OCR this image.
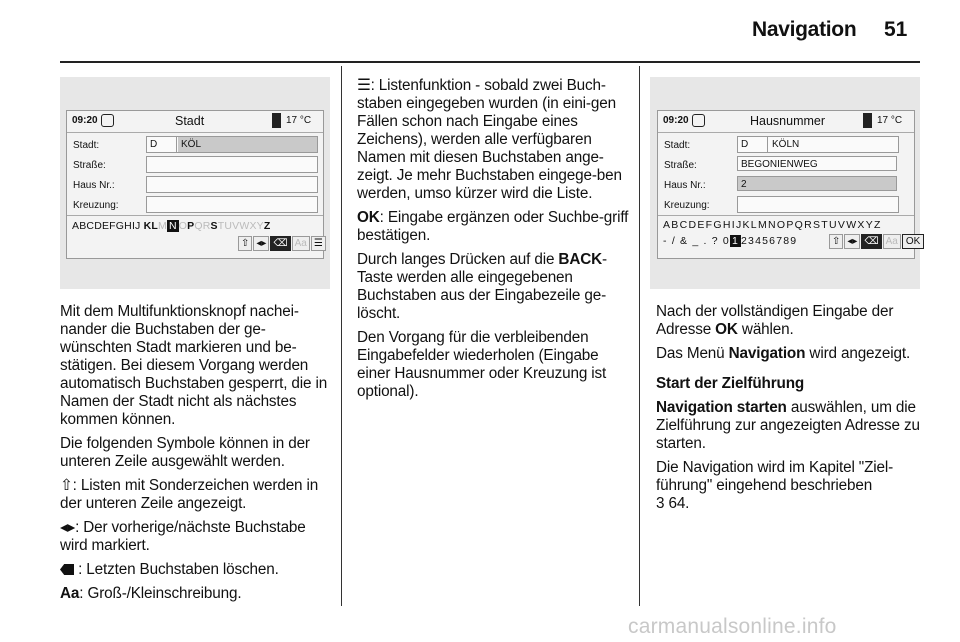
Navigation 51
09:20	Stadt	17 °C
Stadt:	D	KÖL
Straße:
Haus Nr.:
Kreuzung:
ABCDEFGHIJ KLM N OPQRSTUVWXYZ
⇧ ◂▸ ⌫ Aa ☰
09:20	Hausnummer	17 °C
Stadt:	D	KÖLN
Straße:	BEGONIENWEG
Haus Nr.:	2
Kreuzung:
ABCDEFGHIJKLMNOPQRSTUVWXYZ
- / & _ . ? 0 1 23456789	⇧ ◂▸ ⌫ Aa OK

Mit dem Multifunktionsknopf nachei-nander die Buchstaben der ge-wünschten Stadt markieren und be-stätigen. Bei diesem Vorgang werden automatisch Buchstaben gesperrt, die in Namen der Stadt nicht als nächstes kommen können.

Die folgenden Symbole können in der unteren Zeile ausgewählt werden.

⇧: Listen mit Sonderzeichen werden in der unteren Zeile angezeigt.

◂▸: Der vorherige/nächste Buchstabe wird markiert.

: Letzten Buchstaben löschen.

Aa: Groß-/Kleinschreibung.

☰: Listenfunktion - sobald zwei Buch-staben eingegeben wurden (in eini-gen Fällen schon nach Eingabe eines Zeichens), werden alle verfügbaren Namen mit diesen Buchstaben ange-zeigt. Je mehr Buchstaben eingege-ben werden, umso kürzer wird die Liste.

OK: Eingabe ergänzen oder Suchbe-griff bestätigen.

Durch langes Drücken auf die BACK-Taste werden alle eingegebenen Buchstaben aus der Eingabezeile ge-löscht.

Den Vorgang für die verbleibenden Eingabefelder wiederholen (Eingabe einer Hausnummer oder Kreuzung ist optional).

Nach der vollständigen Eingabe der Adresse OK wählen.

Das Menü Navigation wird angezeigt.

Start der Zielführung

Navigation starten auswählen, um die Zielführung zur angezeigten Adresse zu starten.

Die Navigation wird im Kapitel "Ziel-führung" eingehend beschrieben
3 64.

carmanualsonline.info
